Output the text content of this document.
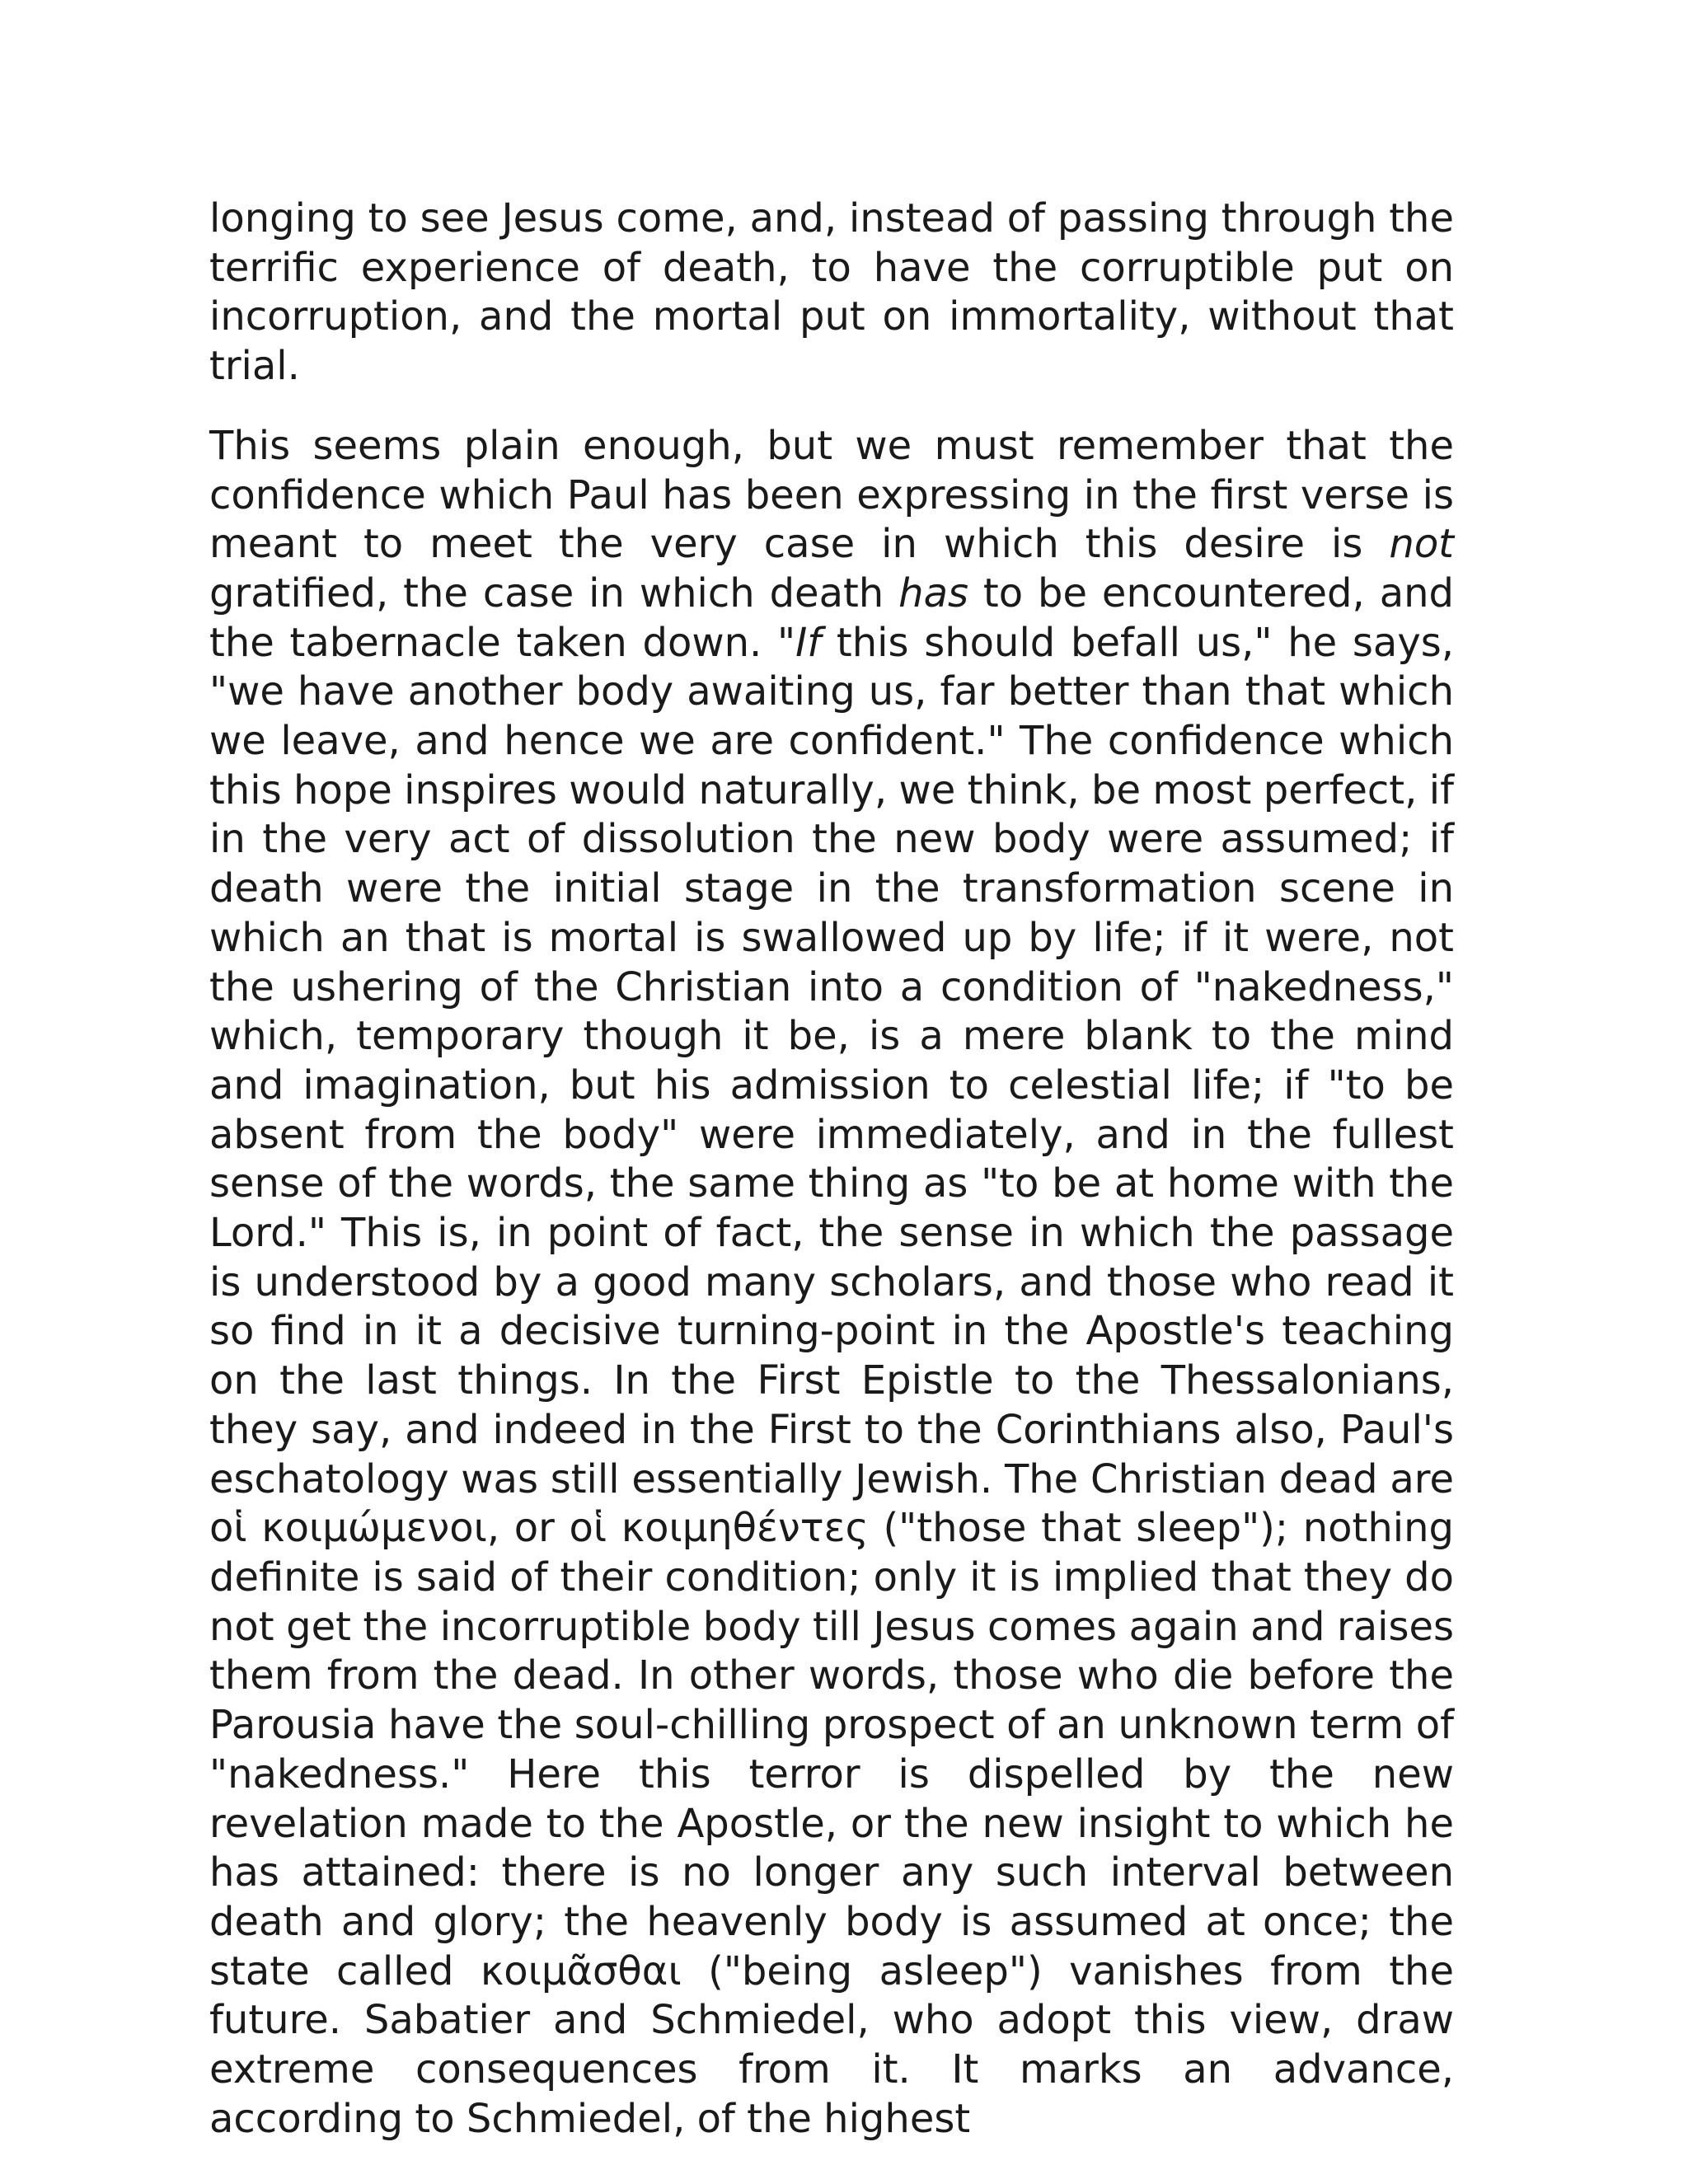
longing to see Jesus come, and, instead of passing through the terrific experience of death, to have the corruptible put on incorruption, and the mortal put on immortality, without that trial.

This seems plain enough, but we must remember that the confidence which Paul has been expressing in the first verse is meant to meet the very case in which this desire is not gratified, the case in which death has to be encountered, and the tabernacle taken down. "If this should befall us," he says, "we have another body awaiting us, far better than that which we leave, and hence we are confident." The confidence which this hope inspires would naturally, we think, be most perfect, if in the very act of dissolution the new body were assumed; if death were the initial stage in the transformation scene in which an that is mortal is swallowed up by life; if it were, not the ushering of the Christian into a condition of "nakedness," which, temporary though it be, is a mere blank to the mind and imagination, but his admission to celestial life; if "to be absent from the body" were immediately, and in the fullest sense of the words, the same thing as "to be at home with the Lord." This is, in point of fact, the sense in which the passage is understood by a good many scholars, and those who read it so find in it a decisive turning-point in the Apostle's teaching on the last things. In the First Epistle to the Thessalonians, they say, and indeed in the First to the Corinthians also, Paul's eschatology was still essentially Jewish. The Christian dead are οἱ κοιμώμενοι, or οἱ κοιμηθέντες ("those that sleep"); nothing definite is said of their condition; only it is implied that they do not get the incorruptible body till Jesus comes again and raises them from the dead. In other words, those who die before the Parousia have the soul-chilling prospect of an unknown term of "nakedness." Here this terror is dispelled by the new revelation made to the Apostle, or the new insight to which he has attained: there is no longer any such interval between death and glory; the heavenly body is assumed at once; the state called κοιμᾶσθαι ("being asleep") vanishes from the future. Sabatier and Schmiedel, who adopt this view, draw extreme consequences from it. It marks an advance, according to Schmiedel, of the highest
